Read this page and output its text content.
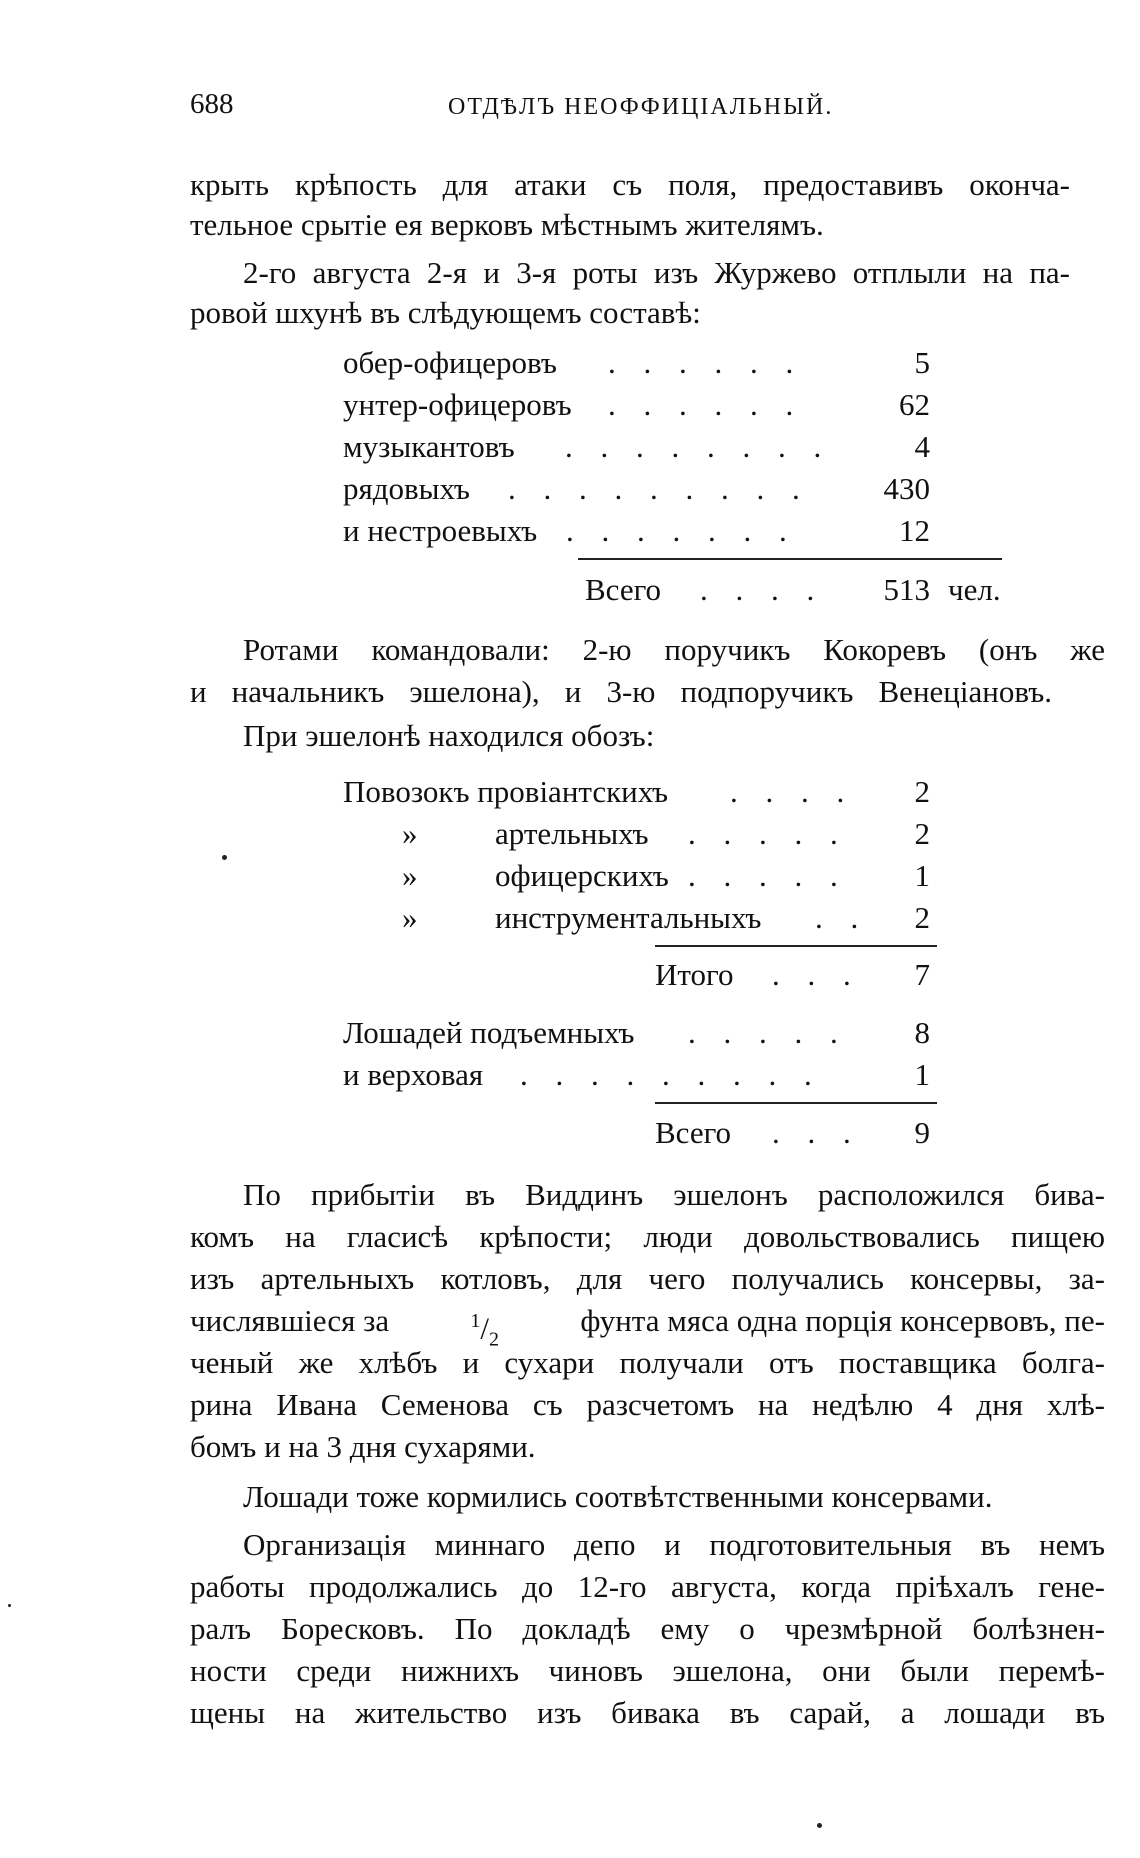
688	ОТДѢЛЪ НЕОФФИЦІАЛЬНЫЙ.
крыть крѣпость для атаки съ поля, предоставивъ оконча-
тельное срытіе ея верковъ мѣстнымъ жителямъ.
2-го августа 2-я и 3-я роты изъ Журжево отплыли на па-
ровой шхунѣ въ слѣдующемъ составѣ:
обер-офицеровъ . . . . . .	5
унтер-офицеровъ . . . . . .	62
музыкантовъ . . . . . . . .	4
рядовыхъ . . . . . . . . .	430
и нестроевыхъ . . . . . . .	12
Всего . . . .	513 чел.
Ротами командовали: 2-ю поручикъ Кокоревъ (онъ же
и начальникъ эшелона), и 3-ю подпоручикъ Венеціановъ.
При эшелонѣ находился обозъ:
Повозокъ провіантскихъ . . . .	2
»	артельныхъ . . . . .	2
»	офицерскихъ . . . . .	1
»	инструментальныхъ . .	2
Итого . . .	7
Лошадей подъемныхъ . . . . .	8
и верховая . . . . . . . . .	1
Всего . . .	9
По прибытіи въ Виддинъ эшелонъ расположился бива-
комъ на гласисѣ крѣпости; люди довольствовались пищею
изъ артельныхъ котловъ, для чего получались консервы, за-
числявшіеся за	$^1/_2$
фунта мяса одна порція консервовъ, пе-
ченый же хлѣбъ и сухари получали отъ поставщика болга-
рина Ивана Семенова съ разсчетомъ на недѣлю 4 дня хлѣ-
бомъ и на 3 дня сухарями.
Лошади тоже кормились соотвѣтственными консервами.
Организація миннаго депо и подготовительныя въ немъ
работы продолжались до 12-го августа, когда пріѣхалъ гене-
ралъ Боресковъ. По докладѣ ему о чрезмѣрной болѣзнен-
ности среди нижнихъ чиновъ эшелона, они были перемѣ-
щены на жительство изъ бивака въ сарай, а лошади въ
